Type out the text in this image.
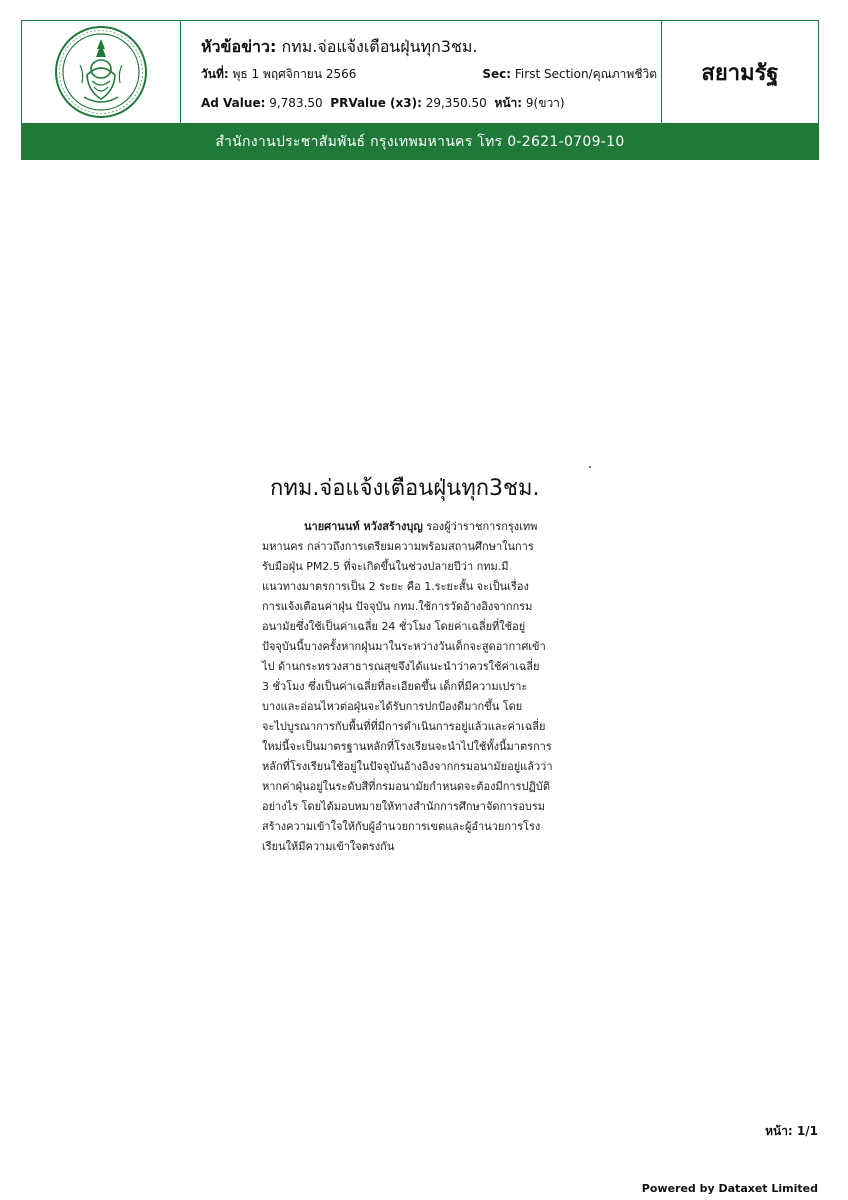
หัวข้อข่าว: กทม.จ่อแจ้งเตือนฝุ่นทุก3ชม.
วันที่: พุธ 1 พฤศจิกายน 2566	Sec: First Section/คุณภาพชีวิต
Ad Value: 9,783.50 PRValue (x3): 29,350.50 หน้า: 9(ขวา)
สยามรัฐ
สำนักงานประชาสัมพันธ์ กรุงเทพมหานคร โทร 0-2621-0709-10
กทม.จ่อแจ้งเตือนฝุ่นทุก3ชม.
นายศานนท์ หวังสร้างบุญ รองผู้ว่าราชการกรุงเทพ
มหานคร กล่าวถึงการเตรียมความพร้อมสถานศึกษาในการ
รับมือฝุ่น PM2.5 ที่จะเกิดขึ้นในช่วงปลายปีว่า กทม.มี
แนวทางมาตรการเป็น 2 ระยะ คือ 1.ระยะสั้น จะเป็นเรื่อง
การแจ้งเตือนค่าฝุ่น ปัจจุบัน กทม.ใช้การวัดอ้างอิงจากกรม
อนามัยซึ่งใช้เป็นค่าเฉลี่ย 24 ชั่วโมง โดยค่าเฉลี่ยที่ใช้อยู่
ปัจจุบันนี้บางครั้งหากฝุ่นมาในระหว่างวันเด็กจะสูดอากาศเข้า
ไป ด้านกระทรวงสาธารณสุขจึงได้แนะนำว่าควรใช้ค่าเฉลี่ย
3 ชั่วโมง ซึ่งเป็นค่าเฉลี่ยที่ละเอียดขึ้น เด็กที่มีความเปราะ
บางและอ่อนไหวต่อฝุ่นจะได้รับการปกป้องดีมากขึ้น โดย
จะไปบูรณาการกับพื้นที่ที่มีการดำเนินการอยู่แล้วและค่าเฉลี่ย
ใหม่นี้จะเป็นมาตรฐานหลักที่โรงเรียนจะนำไปใช้ทั้งนี้มาตรการ
หลักที่โรงเรียนใช้อยู่ในปัจจุบันอ้างอิงจากกรมอนามัยอยู่แล้วว่า
หากค่าฝุ่นอยู่ในระดับสีที่กรมอนามัยกำหนดจะต้องมีการปฏิบัติ
อย่างไร โดยได้มอบหมายให้ทางสำนักการศึกษาจัดการอบรม
สร้างความเข้าใจให้กับผู้อำนวยการเขตและผู้อำนวยการโรง
เรียนให้มีความเข้าใจตรงกัน
หน้า: 1/1
Powered by Dataxet Limited
